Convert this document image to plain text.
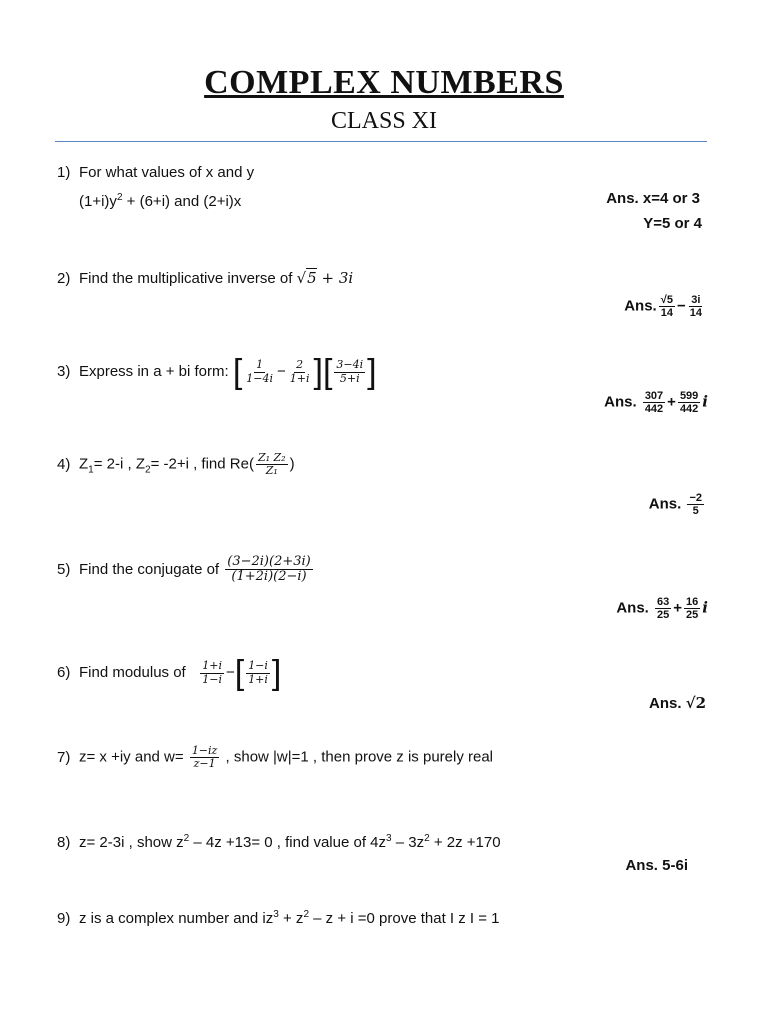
COMPLEX NUMBERS
CLASS XI
1) For what values of x and y
$(1+i)y^2 + (6+i)$ and (2+i)x	Ans. x=4 or 3
Y=5 or 4
2) Find the multiplicative inverse of √5 + 3i
Ans. $\frac{√5}{14} - \frac{3i}{14}$
3) Express in a + bi form: [ $\frac{1}{1-4i} - \frac{2}{1+i}$ ][ $\frac{3-4i}{5+i}$ ]
Ans. $\frac{307}{442} + \frac{599}{442}$ i
4) $Z_1= 2-i$ , $Z_2= -2+i$ , find $Re( \frac{\text{Z₁ Z₂}}{\text{Z₁}}$ )
Ans. $\frac{-2}{5}$
5) Find the conjugate of $\frac{(3-2i)(2+3i)}{(1+2i)(2-i)}$
Ans. $\frac{63}{25} + \frac{16}{25}$ i
6) Find modulus of $\frac{1+i}{1-i}$ −[ $\frac{1-i}{1+i}$ ]
Ans. √2
7) z= x +iy and $w= \frac{1-iz}{z-1}$ , show |w|=1 , then prove z is purely real
8) z= 2-3i , show $z^2 - 4z +13= 0$ , find value of $4z^3 - 3z^2 + 2z +170$
Ans. 5-6i
9) z is a complex number and $iz^3 + z^2 - z + i =0$ prove that I z I = 1
